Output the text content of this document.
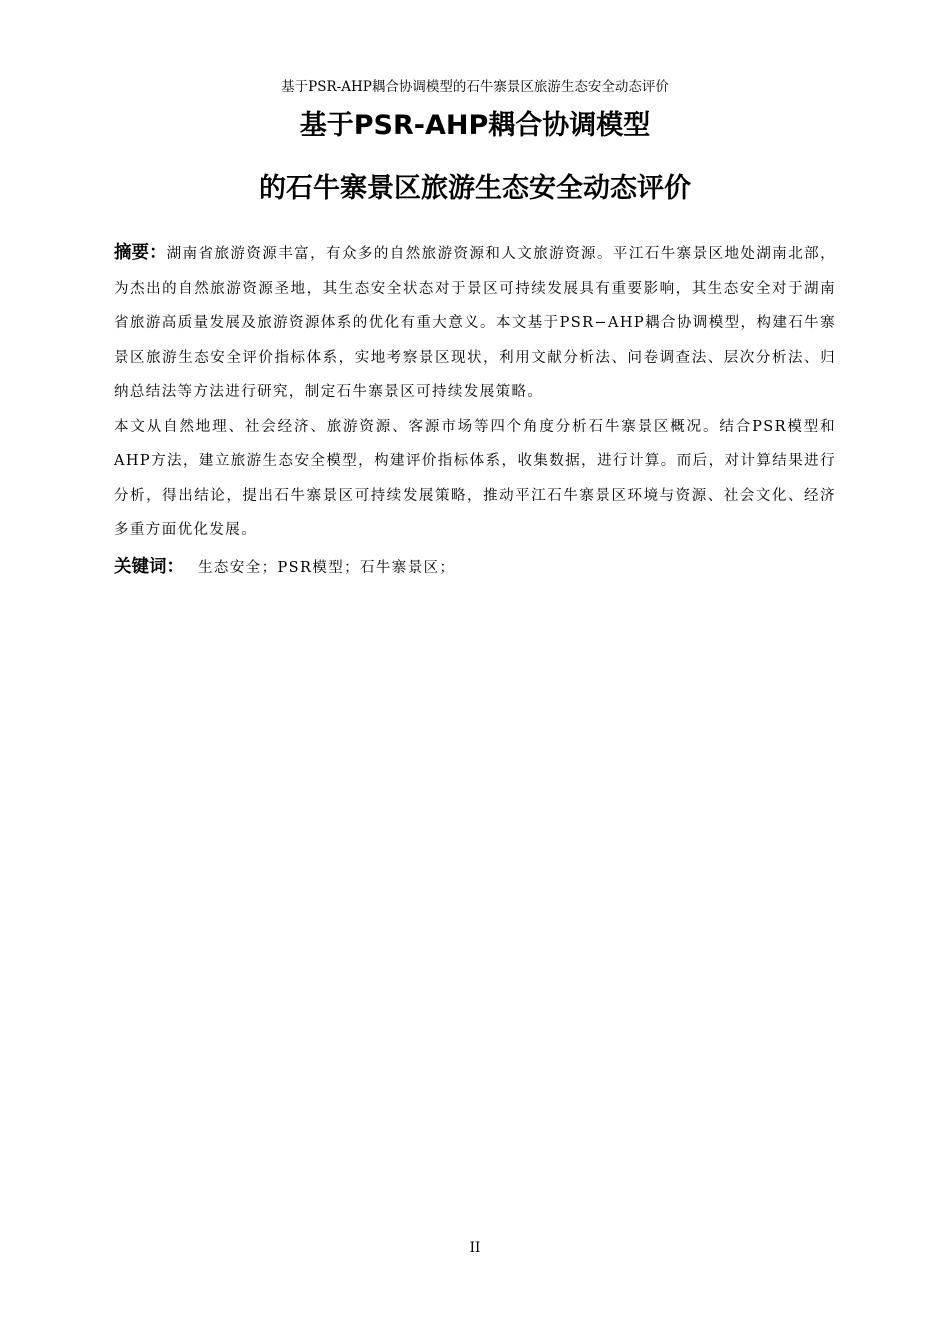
基于PSR-AHP耦合协调模型的石牛寨景区旅游生态安全动态评价
基于PSR-AHP耦合协调模型
的石牛寨景区旅游生态安全动态评价

摘要：湖南省旅游资源丰富，有众多的自然旅游资源和人文旅游资源。平江石牛寨景区地处湖南北部，为杰出的自然旅游资源圣地，其生态安全状态对于景区可持续发展具有重要影响，其生态安全对于湖南省旅游高质量发展及旅游资源体系的优化有重大意义。本文基于PSR−AHP耦合协调模型，构建石牛寨景区旅游生态安全评价指标体系，实地考察景区现状，利用文献分析法、问卷调查法、层次分析法、归纳总结法等方法进行研究，制定石牛寨景区可持续发展策略。

本文从自然地理、社会经济、旅游资源、客源市场等四个角度分析石牛寨景区概况。结合PSR模型和AHP方法，建立旅游生态安全模型，构建评价指标体系，收集数据，进行计算。而后，对计算结果进行分析，得出结论，提出石牛寨景区可持续发展策略，推动平江石牛寨景区环境与资源、社会文化、经济多重方面优化发展。

关键词： 生态安全；PSR模型；石牛寨景区；

II
